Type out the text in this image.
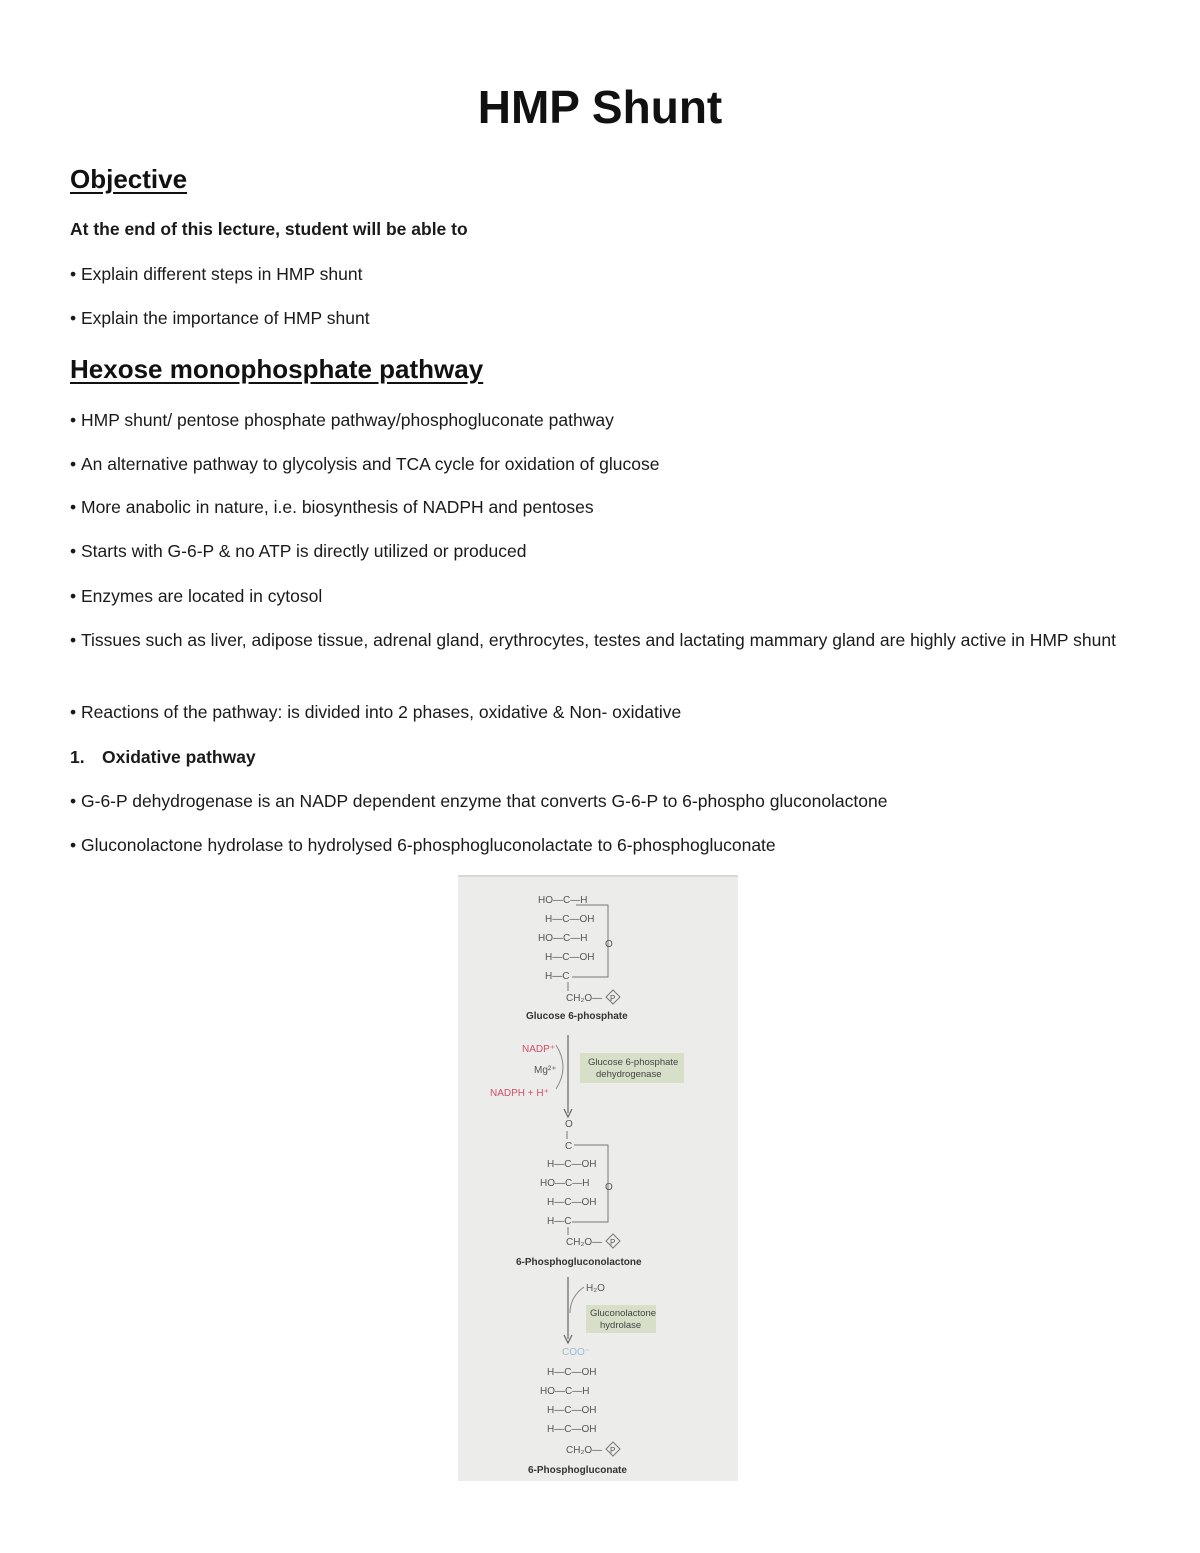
HMP Shunt
Objective

At the end of this lecture, student will be able to

• Explain different steps in HMP shunt

• Explain the importance of HMP shunt

Hexose monophosphate pathway

• HMP shunt/ pentose phosphate pathway/phosphogluconate pathway

• An alternative pathway to glycolysis and TCA cycle for oxidation of glucose

• More anabolic in nature, i.e. biosynthesis of NADPH and pentoses

• Starts with G-6-P & no ATP is directly utilized or produced

• Enzymes are located in cytosol

• Tissues such as liver, adipose tissue, adrenal gland, erythrocytes, testes and lactating mammary gland are highly active in HMP shunt

• Reactions of the pathway: is divided into 2 phases, oxidative & Non- oxidative

1. Oxidative pathway

• G-6-P dehydrogenase is an NADP dependent enzyme that converts G-6-P to 6-phospho gluconolactone

• Gluconolactone hydrolase to hydrolysed 6-phosphogluconolactate to 6-phosphogluconate

HO—C—H
H—C—OH
HO—C—H
H—C—OH
H—C
O
CH₂O— P
Glucose 6-phosphate
NADP⁺
Mg²⁺
NADPH + H⁺
Glucose 6-phosphate
dehydrogenase
O
C
H—C—OH
HO—C—H
H—C—OH
H—C
O
CH₂O— P
6-Phosphogluconolactone
H₂O
Gluconolactone
hydrolase
COO⁻
H—C—OH
HO—C—H
H—C—OH
H—C—OH
CH₂O— P
6-Phosphogluconate
